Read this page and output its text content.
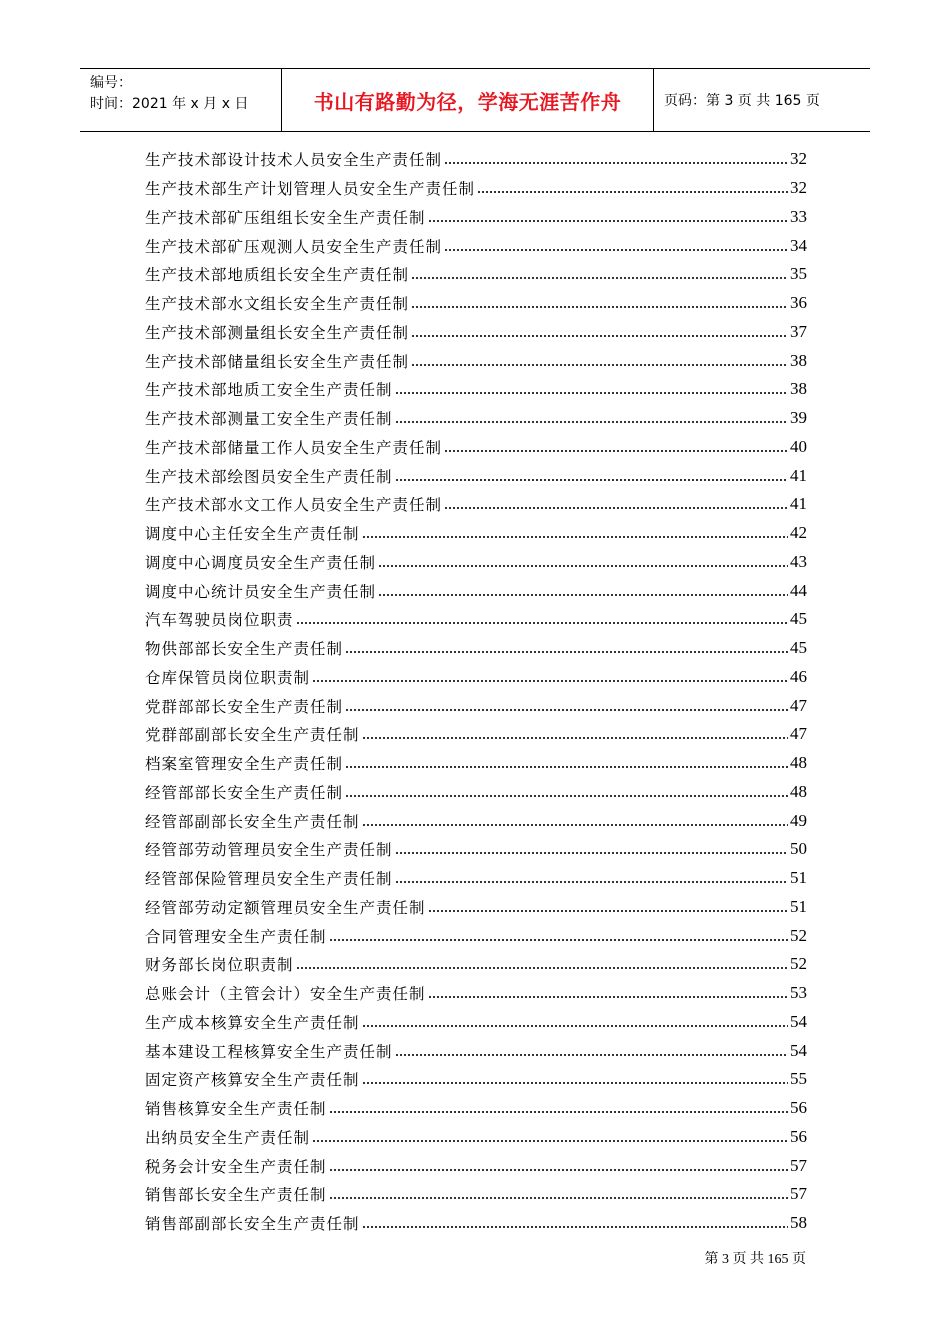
编号：
时间：2021 年 x 月 x 日	书山有路勤为径，学海无涯苦作舟	页码：第 3 页 共 165 页
生产技术部设计技术人员安全生产责任制	32
生产技术部生产计划管理人员安全生产责任制	32
生产技术部矿压组组长安全生产责任制	33
生产技术部矿压观测人员安全生产责任制	34
生产技术部地质组长安全生产责任制	35
生产技术部水文组长安全生产责任制	36
生产技术部测量组长安全生产责任制	37
生产技术部储量组长安全生产责任制	38
生产技术部地质工安全生产责任制	38
生产技术部测量工安全生产责任制	39
生产技术部储量工作人员安全生产责任制	40
生产技术部绘图员安全生产责任制	41
生产技术部水文工作人员安全生产责任制	41
调度中心主任安全生产责任制	42
调度中心调度员安全生产责任制	43
调度中心统计员安全生产责任制	44
汽车驾驶员岗位职责	45
物供部部长安全生产责任制	45
仓库保管员岗位职责制	46
党群部部长安全生产责任制	47
党群部副部长安全生产责任制	47
档案室管理安全生产责任制	48
经管部部长安全生产责任制	48
经管部副部长安全生产责任制	49
经管部劳动管理员安全生产责任制	50
经管部保险管理员安全生产责任制	51
经管部劳动定额管理员安全生产责任制	51
合同管理安全生产责任制	52
财务部长岗位职责制	52
总账会计（主管会计）安全生产责任制	53
生产成本核算安全生产责任制	54
基本建设工程核算安全生产责任制	54
固定资产核算安全生产责任制	55
销售核算安全生产责任制	56
出纳员安全生产责任制	56
税务会计安全生产责任制	57
销售部长安全生产责任制	57
销售部副部长安全生产责任制	58
第 3 页 共 165 页
